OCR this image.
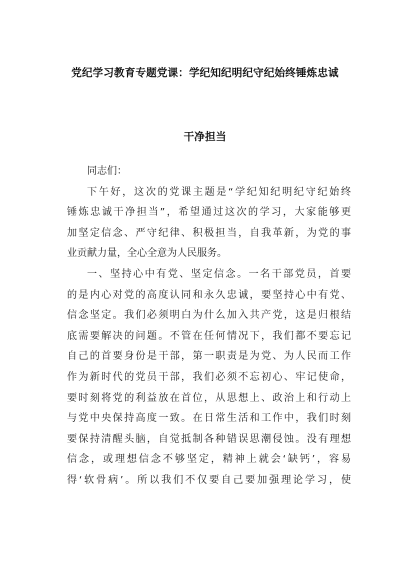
党纪学习教育专题党课：学纪知纪明纪守纪始终锤炼忠诚
干净担当
同志们：
下午好，这次的党课主题是“学纪知纪明纪守纪始终
锤炼忠诚干净担当”，希望通过这次的学习，大家能够更
加坚定信念、严守纪律、积极担当，自我革新，为党的事
业贡献力量，全心全意为人民服务。
一、坚持心中有党、坚定信念。一名干部党员，首要
的是内心对党的高度认同和永久忠诚，要坚持心中有党、
信念坚定。我们必须明白为什么加入共产党，这是归根结
底需要解决的问题。不管在任何情况下，我们都不要忘记
自己的首要身份是干部，第一职责是为党、为人民而工作
作为新时代的党员干部，我们必须不忘初心、牢记使命，
要时刻将党的利益放在首位，从思想上、政治上和行动上
与党中央保持高度一致。在日常生活和工作中，我们时刻
要保持清醒头脑，自觉抵制各种错误思潮侵蚀。没有理想
信念，或理想信念不够坚定，精神上就会‘缺钙’，容易
得‘软骨病’。所以我们不仅要自己要加强理论学习，使
